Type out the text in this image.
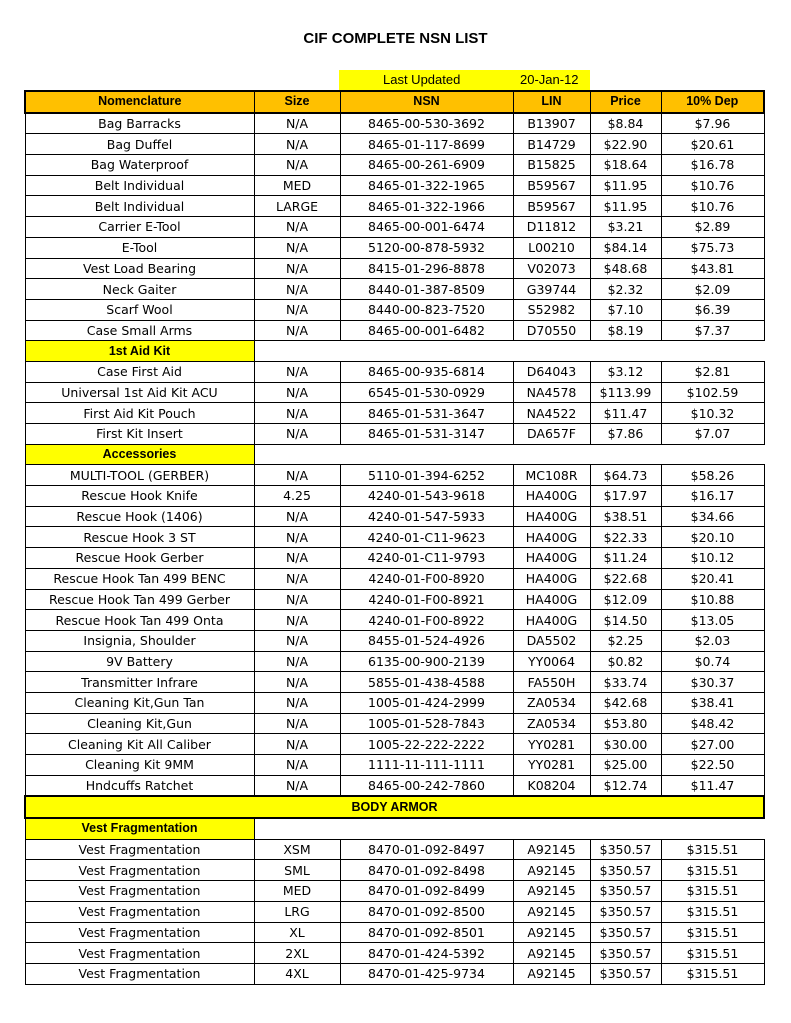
CIF COMPLETE NSN LIST
Last Updated	20-Jan-12
Nomenclature	Size	NSN	LIN	Price	10% Dep
Bag Barracks	N/A	8465-00-530-3692	B13907	$8.84	$7.96
Bag Duffel	N/A	8465-01-117-8699	B14729	$22.90	$20.61
Bag Waterproof	N/A	8465-00-261-6909	B15825	$18.64	$16.78
Belt Individual	MED	8465-01-322-1965	B59567	$11.95	$10.76
Belt Individual	LARGE	8465-01-322-1966	B59567	$11.95	$10.76
Carrier E-Tool	N/A	8465-00-001-6474	D11812	$3.21	$2.89
E-Tool	N/A	5120-00-878-5932	L00210	$84.14	$75.73
Vest Load Bearing	N/A	8415-01-296-8878	V02073	$48.68	$43.81
Neck Gaiter	N/A	8440-01-387-8509	G39744	$2.32	$2.09
Scarf Wool	N/A	8440-00-823-7520	S52982	$7.10	$6.39
Case Small Arms	N/A	8465-00-001-6482	D70550	$8.19	$7.37
1st Aid Kit					
Case First Aid	N/A	8465-00-935-6814	D64043	$3.12	$2.81
Universal 1st Aid Kit ACU	N/A	6545-01-530-0929	NA4578	$113.99	$102.59
First Aid Kit Pouch	N/A	8465-01-531-3647	NA4522	$11.47	$10.32
First Kit Insert	N/A	8465-01-531-3147	DA657F	$7.86	$7.07
Accessories					
MULTI-TOOL (GERBER)	N/A	5110-01-394-6252	MC108R	$64.73	$58.26
Rescue Hook Knife	4.25	4240-01-543-9618	HA400G	$17.97	$16.17
Rescue Hook (1406)	N/A	4240-01-547-5933	HA400G	$38.51	$34.66
Rescue Hook 3 ST	N/A	4240-01-C11-9623	HA400G	$22.33	$20.10
Rescue Hook Gerber	N/A	4240-01-C11-9793	HA400G	$11.24	$10.12
Rescue Hook Tan 499 BENC	N/A	4240-01-F00-8920	HA400G	$22.68	$20.41
Rescue Hook Tan 499 Gerber	N/A	4240-01-F00-8921	HA400G	$12.09	$10.88
Rescue Hook Tan 499 Onta	N/A	4240-01-F00-8922	HA400G	$14.50	$13.05
Insignia, Shoulder	N/A	8455-01-524-4926	DA5502	$2.25	$2.03
9V Battery	N/A	6135-00-900-2139	YY0064	$0.82	$0.74
Transmitter Infrare	N/A	5855-01-438-4588	FA550H	$33.74	$30.37
Cleaning Kit,Gun Tan	N/A	1005-01-424-2999	ZA0534	$42.68	$38.41
Cleaning Kit,Gun	N/A	1005-01-528-7843	ZA0534	$53.80	$48.42
Cleaning Kit All Caliber	N/A	1005-22-222-2222	YY0281	$30.00	$27.00
Cleaning Kit 9MM	N/A	1111-11-111-1111	YY0281	$25.00	$22.50
Hndcuffs Ratchet	N/A	8465-00-242-7860	K08204	$12.74	$11.47
BODY ARMOR					
Vest Fragmentation					
Vest Fragmentation	XSM	8470-01-092-8497	A92145	$350.57	$315.51
Vest Fragmentation	SML	8470-01-092-8498	A92145	$350.57	$315.51
Vest Fragmentation	MED	8470-01-092-8499	A92145	$350.57	$315.51
Vest Fragmentation	LRG	8470-01-092-8500	A92145	$350.57	$315.51
Vest Fragmentation	XL	8470-01-092-8501	A92145	$350.57	$315.51
Vest Fragmentation	2XL	8470-01-424-5392	A92145	$350.57	$315.51
Vest Fragmentation	4XL	8470-01-425-9734	A92145	$350.57	$315.51
